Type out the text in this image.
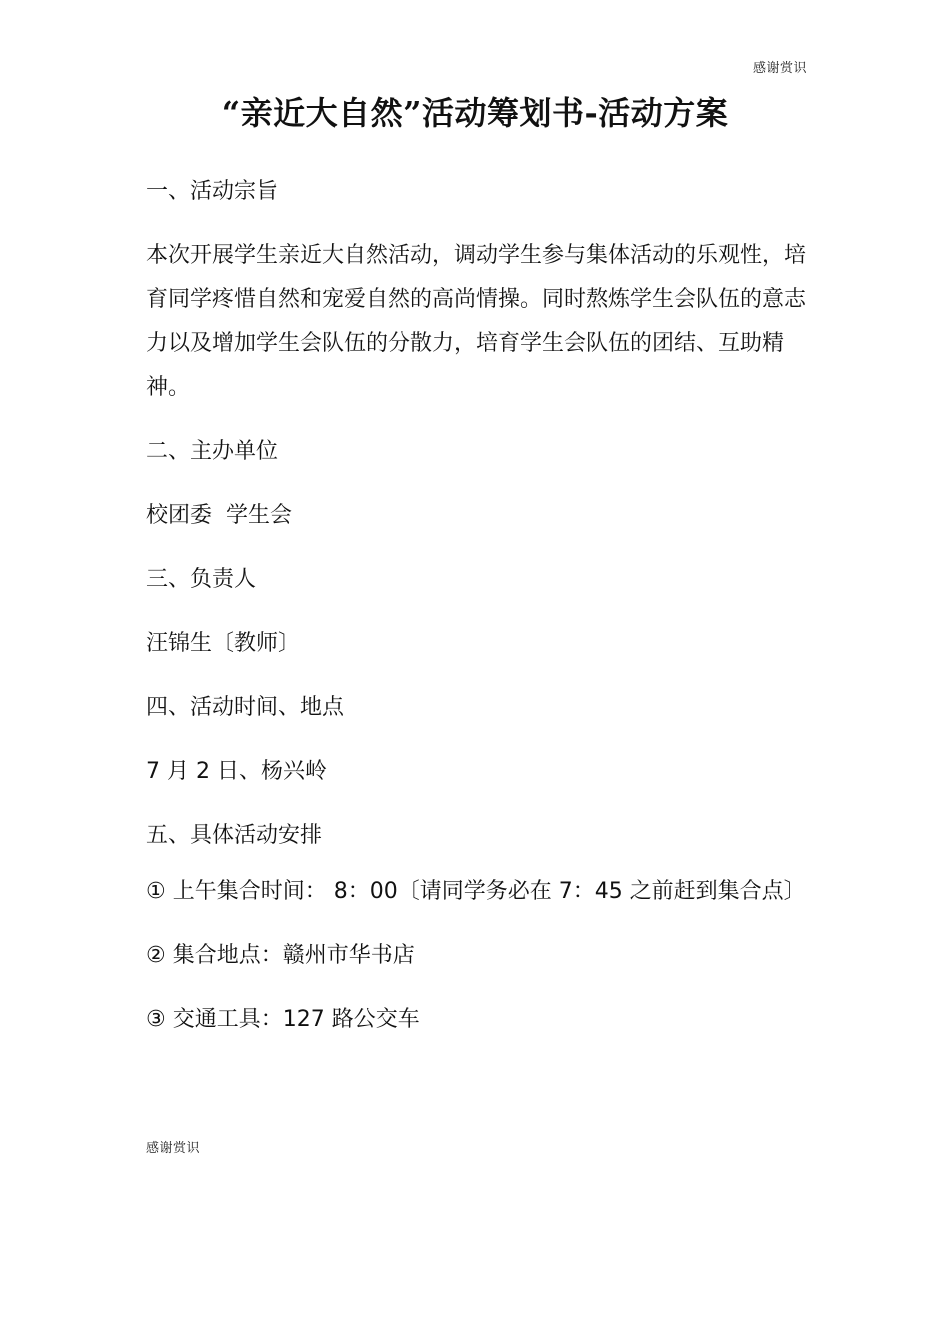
感谢赏识
“亲近大自然”活动筹划书-活动方案

一、活动宗旨

本次开展学生亲近大自然活动，调动学生参与集体活动的乐观性，培育同学疼惜自然和宠爱自然的高尚情操。同时熬炼学生会队伍的意志力以及增加学生会队伍的分散力，培育学生会队伍的团结、互助精神。

二、主办单位

校团委  学生会

三、负责人

汪锦生〔教师〕

四、活动时间、地点

7 月 2 日、杨兴岭

五、具体活动安排

① 上午集合时间： 8：00〔请同学务必在 7：45 之前赶到集合点〕

② 集合地点：赣州市华书店

③ 交通工具：127 路公交车

感谢赏识
